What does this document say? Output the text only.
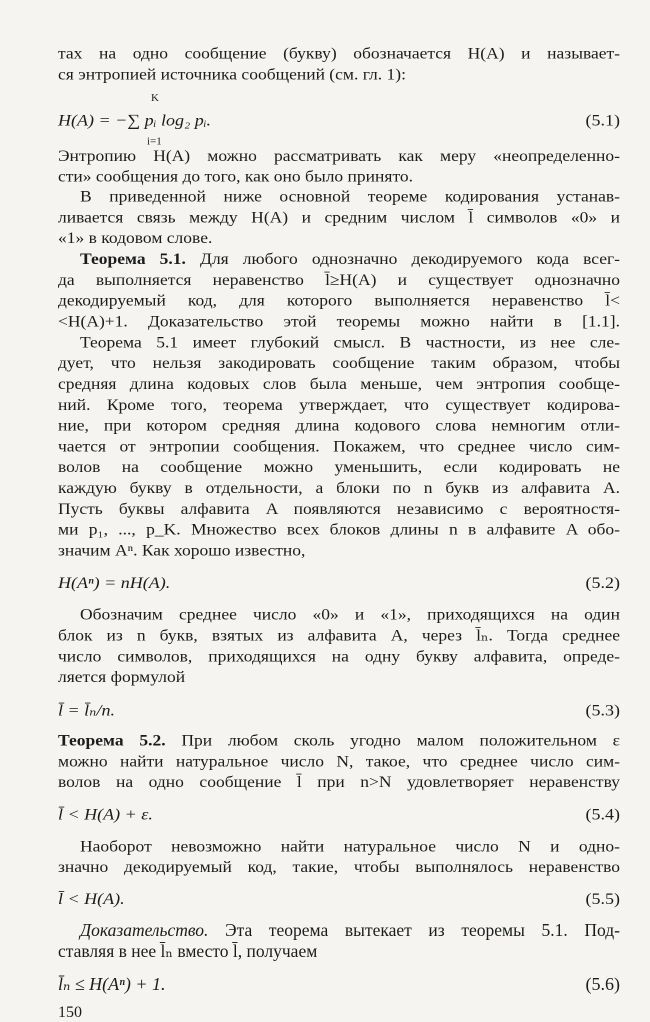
тах на одно сообщение (букву) обозначается H(A) и называет-
ся энтропией источника сообщений (см. гл. 1):
H(A) = −∑ pᵢ log₂ pᵢ.
K
i=1
(5.1)
Энтропию H(A) можно рассматривать как меру «неопределенно-
сти» сообщения до того, как оно было принято.
В приведенной ниже основной теореме кодирования устанав-
ливается связь между H(A) и средним числом l̄ символов «0» и
«1» в кодовом слове.
Теорема 5.1. Для любого однозначно декодируемого кода всег-
да выполняется неравенство l̄≥H(A) и существует однозначно
декодируемый код, для которого выполняется неравенство l̄<
<H(A)+1. Доказательство этой теоремы можно найти в [1.1].
Теорема 5.1 имеет глубокий смысл. В частности, из нее сле-
дует, что нельзя закодировать сообщение таким образом, чтобы
средняя длина кодовых слов была меньше, чем энтропия сообще-
ний. Кроме того, теорема утверждает, что существует кодирова-
ние, при котором средняя длина кодового слова немногим отли-
чается от энтропии сообщения. Покажем, что среднее число сим-
волов на сообщение можно уменьшить, если кодировать не
каждую букву в отдельности, а блоки по n букв из алфавита A.
Пусть буквы алфавита A появляются независимо с вероятностя-
ми p₁, ..., p_K. Множество всех блоков длины n в алфавите A обо-
значим Aⁿ. Как хорошо известно,
H(Aⁿ) = nH(A).	(5.2)
Обозначим среднее число «0» и «1», приходящихся на один
блок из n букв, взятых из алфавита A, через l̄ₙ. Тогда среднее
число символов, приходящихся на одну букву алфавита, опреде-
ляется формулой
l̄ = l̄ₙ/n.	(5.3)
Теорема 5.2. При любом сколь угодно малом положительном ε
можно найти натуральное число N, такое, что среднее число сим-
волов на одно сообщение l̄ при n>N удовлетворяет неравенству
l̄ < H(A) + ε.	(5.4)
Наоборот невозможно найти натуральное число N и одно-
значно декодируемый код, такие, чтобы выполнялось неравенство
l̄ < H(A).	(5.5)
Доказательство. Эта теорема вытекает из теоремы 5.1. Под-
ставляя в нее l̄ₙ вместо l̄, получаем
l̄ₙ ≤ H(Aⁿ) + 1.	(5.6)
150
